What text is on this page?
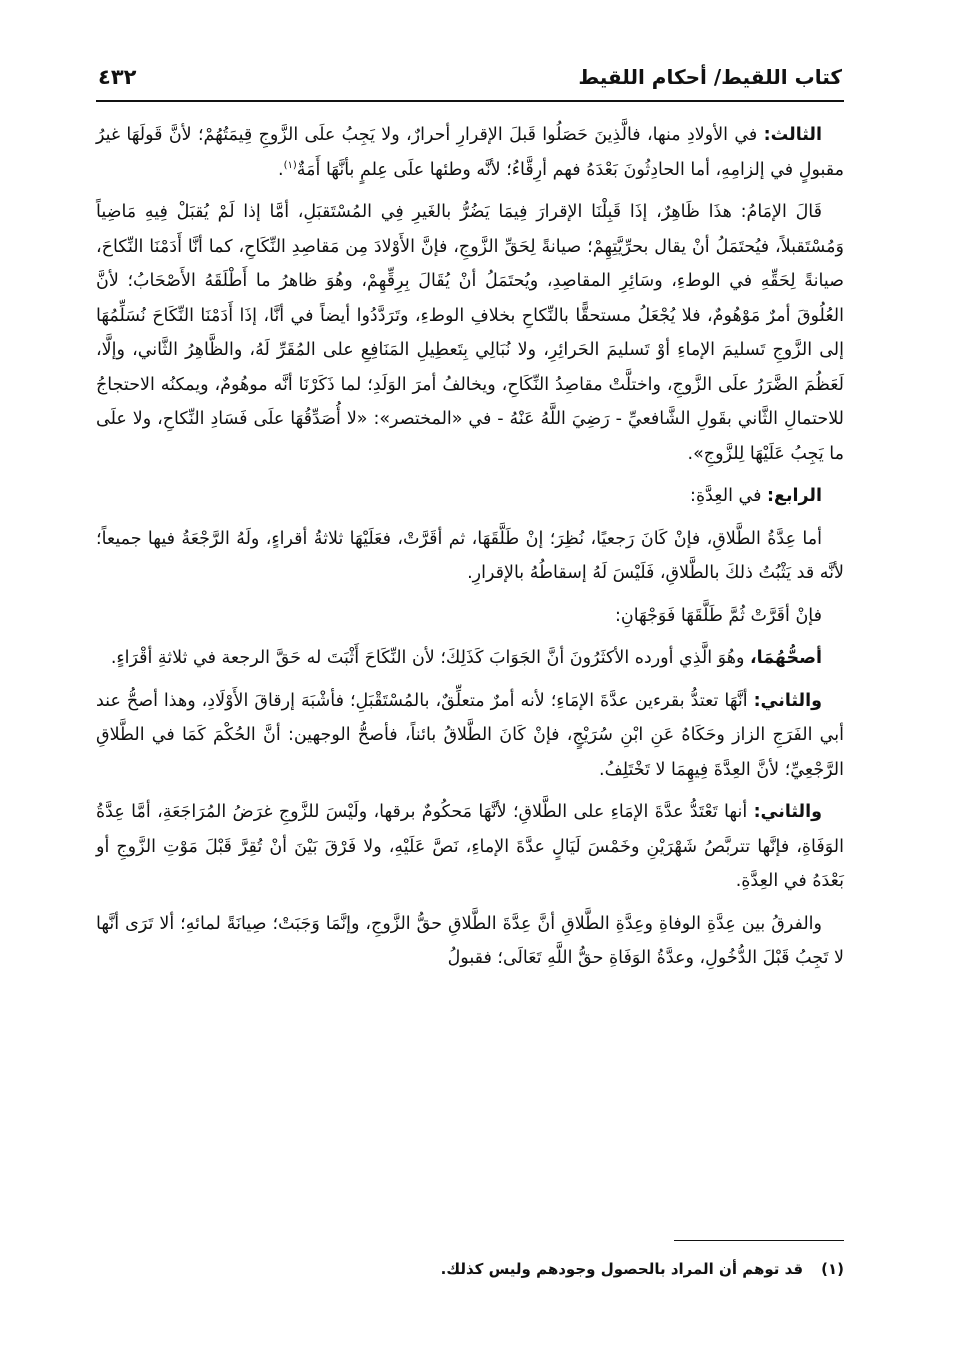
كتاب اللقيط/ أحكام اللقيط
٤٣٢

الثالث: في الأولادِ منها، فالَّذِينَ حَصَلُوا قَبلَ الإقرارِ أحرارٌ، ولا يَجِبُ علَى الزَّوجِ قِيمَتُهُمْ؛ لأنَّ قَولَهَا غيرُ مقبولٍ في إلزامِهِ، أما الحادِثُونَ بَعْدَهُ فهم أرِقَّاءُ؛ لأنَّه وطئها علَى عِلمٍ بأنَّهَا أَمَةٌ$^{(١)}$.

قَالَ الإمَامُ: هذَا ظَاهِرٌ، إذَا قَبِلْنَا الإقرارَ فِيمَا يَضُرُّ بالغَيرِ فِي المُسْتَقبَلِ، أمَّا إذا لَمْ يُقبَلْ فِيهِ مَاضِياً وَمُسْتَقبلاً، فيُحتَمَلُ أنْ يقال بحرِّيَّتِهِمْ؛ صيانةً لِحَقِّ الزَّوجِ، فإنَّ الأَوْلادَ مِن مَقاصِدِ النِّكَاحِ، كما أنَّا أَدَمْنَا النِّكاحَ، صيانةً لِحَقِّهِ في الوطءِ، وسَائِرِ المقاصِدِ، ويُحتَمَلُ أنْ يُقَالَ بِرِقِّهِمْ، وهُوَ ظاهرُ ما أَطْلَقَهُ الأَصْحَابُ؛ لأنَّ العُلُوقَ أمرٌ مَوْهُومٌ، فلا يُجْعَلُ مستحقًّا بالنِّكاحِ بخلافِ الوطءِ، وتَرَدَّدُوا أيضاً في أنَّا، إذَا أَدَمْنَا النِّكَاحَ نُسَلِّمُهَا إلى الزَّوجِ تَسليمَ الإماءِ أوْ تَسليمَ الحَرائِرِ، ولا نُبَالِي بِتَعطِيلِ المَنَافِعِ على المُقَرِّ لَهُ، والظَّاهِرُ الثَّاني، وإلَّا، لَعَظُمَ الضَّرَرُ علَى الزَّوجِ، واختلَّتْ مقاصِدُ النِّكَاحِ، ويخالفُ أمرَ الوَلَدِ؛ لما ذَكَرْنَا أنَّه موهُومٌ، ويمكنُه الاحتجاجُ للاحتمالِ الثَّاني بقَولِ الشَّافعيِّ - رَضِيَ اللَّهُ عَنْهُ - في «المختصر»: «لا أُصَدِّقُهَا علَى فَسَادِ النِّكاحِ، ولا علَى ما يَجِبُ عَلَيْهَا لِلزَّوجِ».

الرابع: في العِدَّةِ:

أما عِدَّةُ الطَّلاقِ، فإنْ كَانَ رَجعيًا، نُظِرَ؛ إنْ طَلَّقَهَا، ثم أقَرَّتْ، فعَلَيْهَا ثلاثةُ أقراءٍ، ولَهُ الرَّجْعَةُ فيها جميعاً؛ لأنَّه قد يَثْبُتُ ذلكَ بالطَّلاقِ، فَلَيْسَ لَهُ إسقاطُهُ بالإقرارِ.

فإنْ أقَرَّتْ ثُمَّ طَلَّقَهَا فَوَجْهَانِ:

أصحُّهُمَا، وهُوَ الَّذِي أورده الأكثَرُونَ أنَّ الجَوَابَ كَذَلِكَ؛ لأن النِّكَاحَ أَثْبَتَ له حَقَّ الرجعة في ثلاثةِ أقْرَاءٍ.

والثاني: أنَّهَا تعتدُّ بقرءين عدَّةَ الإمَاءِ؛ لأنه أمرٌ متعلِّقٌ، بالمُسْتَقْبَلِ؛ فأشْبَهَ إرقاقَ الأَوْلَادِ، وهذا أصحُّ عند أبي الفَرَجِ الزاز وحَكَاهُ عَنِ ابْنِ سُرَيْجٍ، فإنْ كَانَ الطَّلاقُ بائناً، فأصحُّ الوجهين: أنَّ الحُكْمَ كَمَا في الطَّلاقِ الرَّجْعِيِّ؛ لأنَّ العِدَّةَ فِيهِمَا لا تَخْتَلِفُ.

والثاني: أنها تَعْتَدُّ عدَّةَ الإمَاءِ على الطَّلاقِ؛ لأنَّهَا مَحكُومٌ برقها، ولَيْسَ للزَّوجِ غرَضُ المُرَاجَعَةِ، أمَّا عِدَّةُ الوَفَاةِ، فإنَّها تتربَّصُ شَهْرَيْنِ وخَمْسَ لَيَالٍ عدَّةَ الإماءِ، نَصَّ عَلَيْهِ، ولا فَرْقَ بَيْنَ أنْ تُقِرَّ قَبْلَ مَوْتِ الزَّوجِ أو بَعْدَهُ في العِدَّةِ.

والفرقُ بين عِدَّةِ الوفاةِ وعِدَّةِ الطَّلاقِ أنَّ عِدَّةَ الطَّلاقِ حقُّ الزَّوجِ، وإنَّمَا وَجَبَتْ؛ صِيانَةً لمائهِ؛ ألا تَرَى أنَّها لا تَجِبُ قَبْلَ الدُّخُولِ، وعدَّةُ الوَفَاةِ حقُّ اللَّهِ تَعَالَى؛ فقبولُ

(١)قد توهم أن المراد بالحصول وجودهم وليس كذلك.
